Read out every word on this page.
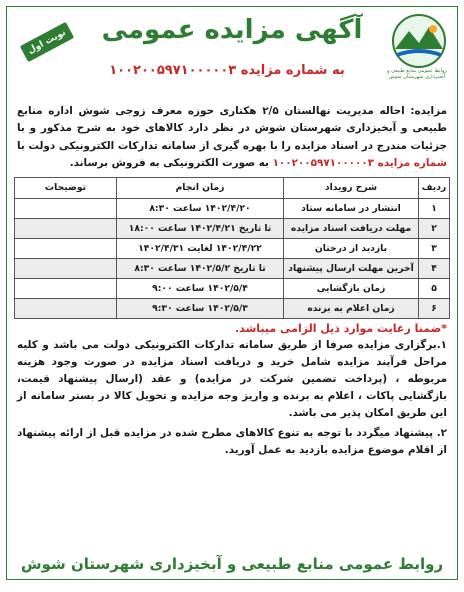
روابط عمومی منابع طبیعی و آبخیزداری شهرستان شوش
نوبت اول	آگهی مزایده عمومی
به شماره مزایده ۱۰۰۲۰۰۵۹۷۱۰۰۰۰۰۳
مزایده: احاله مدیریت نهالستان ۲/۵ هکتاری حوزه معرف زوجی شوش اداره منابع طبیعی و آبخیزداری شهرستان شوش در نظر دارد کالاهای خود به شرح مذکور و با جزئیات مندرج در اسناد مزایده را با بهره گیری از سامانه تدارکات الکترونیکی دولت با شماره مزایده ۱۰۰۲۰۰۵۹۷۱۰۰۰۰۰۳ به صورت الکترونیکی به فروش برساند.
ردیف	شرح رویداد	زمان انجام	توضیحات
۱	انتشار در سامانه ستاد	۱۴۰۲/۴/۲۰ ساعت ۸:۳۰	
۲	مهلت دریافت اسناد مزایده	تا تاریخ ۱۴۰۲/۴/۲۱ ساعت ۱۸:۰۰	
۳	بازدید از درختان	۱۴۰۲/۴/۲۲ لغایت ۱۴۰۲/۴/۳۱	
۴	آخرین مهلت ارسال پیشنهاد	تا تاریخ ۱۴۰۲/۵/۲ ساعت ۸:۳۰	
۵	زمان بازگشایی	۱۴۰۲/۵/۴ ساعت ۹:۰۰	
۶	زمان اعلام به برنده	۱۴۰۲/۵/۳ ساعت ۹:۳۰	
*ضمنا رعایت موارد ذیل الزامی میباشد.

۱.برگزاری مزایده صرفا از طریق سامانه تدارکات الکترونیکی دولت می باشد و کلیه مراحل فرآیند مزایده شامل خرید و دریافت اسناد مزایده در صورت وجود هزینه مربوطه ، (پرداخت تضمین شرکت در مزایده) و عقد (ارسال پیشنهاد قیمت، بازگشایی پاکات ، اعلام به برنده و واریز وجه مزایده و تحویل کالا در بستر سامانه از این طریق امکان پذیر می باشد.

۲. پیشنهاد میگردد با توجه به تنوع کالاهای مطرح شده در مزایده قبل از ارائه پیشنهاد از اقلام موضوع مزایده بازدید به عمل آورید.

روابط عمومی منابع طبیعی و آبخیزداری شهرستان شوش
